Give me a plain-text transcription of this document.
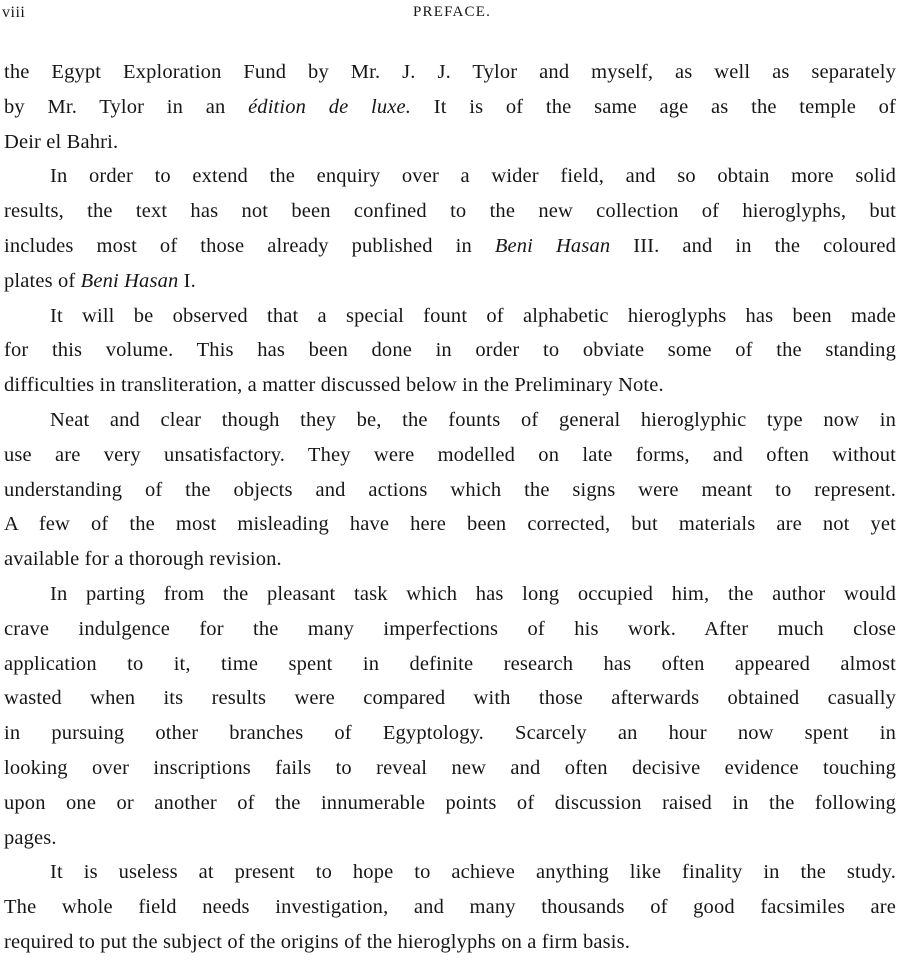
viii	PREFACE.
the Egypt Exploration Fund by Mr. J. J. Tylor and myself, as well as separately
by Mr. Tylor in an édition de luxe. It is of the same age as the temple of
Deir el Bahri.
In order to extend the enquiry over a wider field, and so obtain more solid
results, the text has not been confined to the new collection of hieroglyphs, but
includes most of those already published in Beni Hasan III. and in the coloured
plates of Beni Hasan I.
It will be observed that a special fount of alphabetic hieroglyphs has been made
for this volume. This has been done in order to obviate some of the standing
difficulties in transliteration, a matter discussed below in the Preliminary Note.
Neat and clear though they be, the founts of general hieroglyphic type now in
use are very unsatisfactory. They were modelled on late forms, and often without
understanding of the objects and actions which the signs were meant to represent.
A few of the most misleading have here been corrected, but materials are not yet
available for a thorough revision.
In parting from the pleasant task which has long occupied him, the author would
crave indulgence for the many imperfections of his work. After much close
application to it, time spent in definite research has often appeared almost
wasted when its results were compared with those afterwards obtained casually
in pursuing other branches of Egyptology. Scarcely an hour now spent in
looking over inscriptions fails to reveal new and often decisive evidence touching
upon one or another of the innumerable points of discussion raised in the following
pages.
It is useless at present to hope to achieve anything like finality in the study.
The whole field needs investigation, and many thousands of good facsimiles are
required to put the subject of the origins of the hieroglyphs on a firm basis.
